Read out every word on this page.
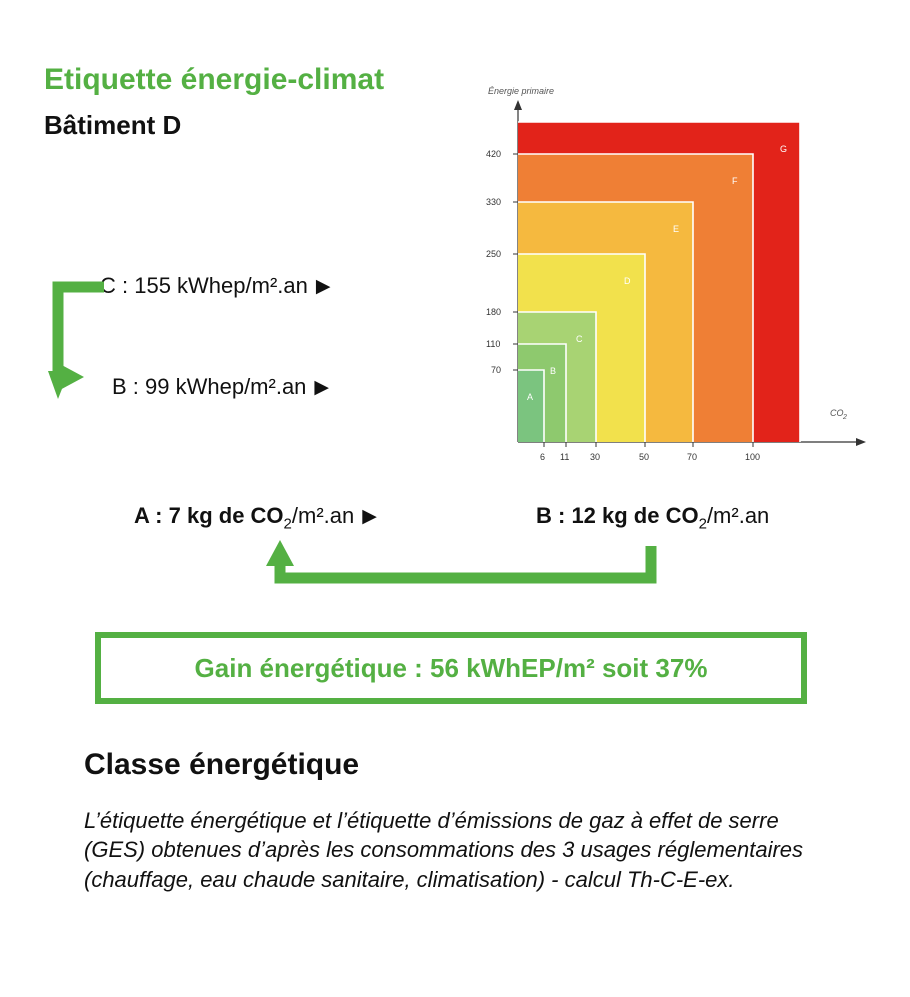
Etiquette énergie-climat
Bâtiment D
C : 155 kWhep/m².an ▶
B : 99 kWhep/m².an ▶
A : 7 kg de $CO_2/m^2.an$ ▶	B : 12 kg de $CO_2/m^2.an$
Gain énergétique : 56 kWhEP/m² soit 37%
Classe énergétique
L’étiquette énergétique et l’étiquette d’émissions de gaz à effet de serre (GES) obtenues d’après les consommations des 3 usages réglementaires (chauffage, eau chaude sanitaire, climatisation) - calcul Th-C-E-ex.
A
B
C
D
E
F
G
70
110
180
250
330
420
6 11 30	50	70	100
Énergie primaire
CO 2
